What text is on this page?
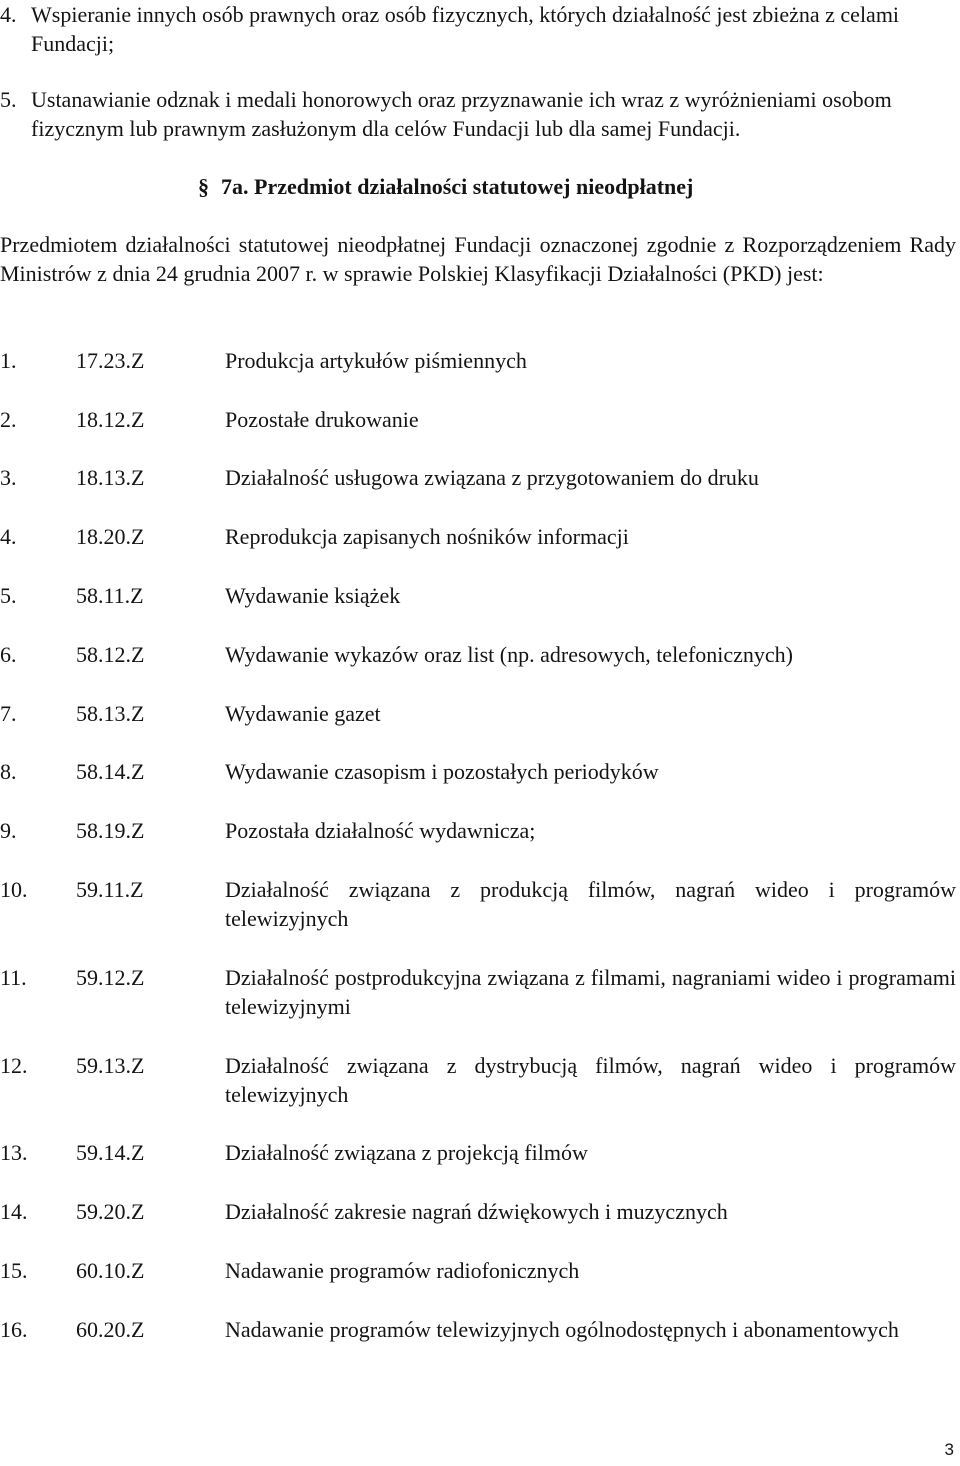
4. Wspieranie innych osób prawnych oraz osób fizycznych, których działalność jest zbieżna z celami Fundacji;
5. Ustanawianie odznak i medali honorowych oraz przyznawanie ich wraz z wyróżnieniami osobom fizycznym lub prawnym zasłużonym dla celów Fundacji lub dla samej Fundacji.
§ 7a. Przedmiot działalności statutowej nieodpłatnej
Przedmiotem działalności statutowej nieodpłatnej Fundacji oznaczonej zgodnie z Rozporządzeniem Rady Ministrów z dnia 24 grudnia 2007 r. w sprawie Polskiej Klasyfikacji Działalności (PKD) jest:
1.	17.23.Z	Produkcja artykułów piśmiennych
2.	18.12.Z	Pozostałe drukowanie
3.	18.13.Z	Działalność usługowa związana z przygotowaniem do druku
4.	18.20.Z	Reprodukcja zapisanych nośników informacji
5.	58.11.Z	Wydawanie książek
6.	58.12.Z	Wydawanie wykazów oraz list (np. adresowych, telefonicznych)
7.	58.13.Z	Wydawanie gazet
8.	58.14.Z	Wydawanie czasopism i pozostałych periodyków
9.	58.19.Z	Pozostała działalność wydawnicza;
10. 59.11.Z	Działalność związana z produkcją filmów, nagrań wideo i programów telewizyjnych
11. 59.12.Z	Działalność postprodukcyjna związana z filmami, nagraniami wideo i programami telewizyjnymi
12. 59.13.Z	Działalność związana z dystrybucją filmów, nagrań wideo i programów telewizyjnych
13. 59.14.Z	Działalność związana z projekcją filmów
14. 59.20.Z	Działalność zakresie nagrań dźwiękowych i muzycznych
15. 60.10.Z	Nadawanie programów radiofonicznych
16. 60.20.Z	Nadawanie programów telewizyjnych ogólnodostępnych i abonamentowych
3
